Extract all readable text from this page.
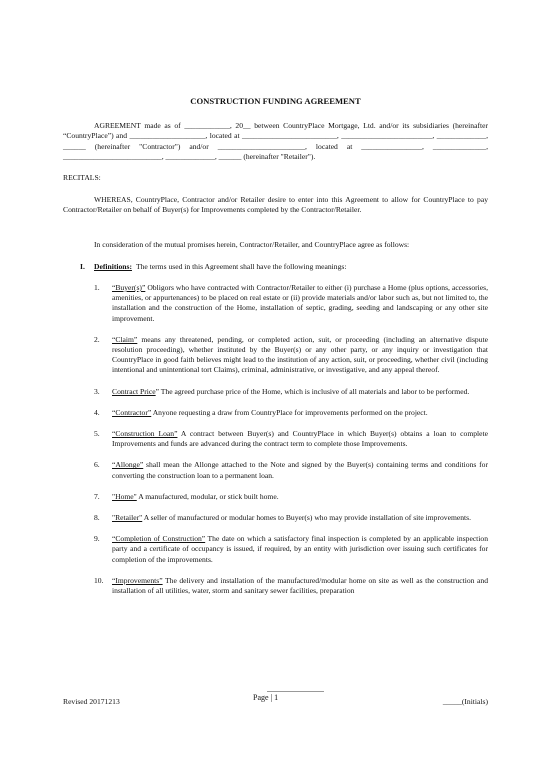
CONSTRUCTION FUNDING AGREEMENT

AGREEMENT made as of ____________, 20__ between CountryPlace Mortgage, Ltd. and/or its subsidiaries (hereinafter “CountryPlace”) and ____________________, located at _________________________, ________________________, _____________, ______ (hereinafter "Contractor") and/or _______________________, located at ________________, ______________, __________________________, _____________, ______ (hereinafter "Retailer").

RECITALS:

WHEREAS, CountryPlace, Contractor and/or Retailer desire to enter into this Agreement to allow for CountryPlace to pay Contractor/Retailer on behalf of Buyer(s) for Improvements completed by the Contractor/Retailer.

In consideration of the mutual promises herein, Contractor/Retailer, and CountryPlace agree as follows:

I.	Definitions: The terms used in this Agreement shall have the following meanings:
1.	“Buyer(s)” Obligors who have contracted with Contractor/Retailer to either (i) purchase a Home (plus options, accessories, amenities, or appurtenances) to be placed on real estate or (ii) provide materials and/or labor such as, but not limited to, the installation and the construction of the Home, installation of septic, grading, seeding and landscaping or any other site improvement.
2.	“Claim” means any threatened, pending, or completed action, suit, or proceeding (including an alternative dispute resolution proceeding), whether instituted by the Buyer(s) or any other party, or any inquiry or investigation that CountryPlace in good faith believes might lead to the institution of any action, suit, or proceeding, whether civil (including intentional and unintentional tort Claims), criminal, administrative, or investigative, and any appeal thereof.
3.	Contract Price” The agreed purchase price of the Home, which is inclusive of all materials and labor to be performed.
4.	“Contractor” Anyone requesting a draw from CountryPlace for improvements performed on the project.
5.	“Construction Loan” A contract between Buyer(s) and CountryPlace in which Buyer(s) obtains a loan to complete Improvements and funds are advanced during the contract term to complete those Improvements.
6.	“Allonge” shall mean the Allonge attached to the Note and signed by the Buyer(s) containing terms and conditions for converting the construction loan to a permanent loan.
7.	"Home" A manufactured, modular, or stick built home.
8.	"Retailer" A seller of manufactured or modular homes to Buyer(s) who may provide installation of site improvements.
9.	“Completion of Construction” The date on which a satisfactory final inspection is completed by an applicable inspection party and a certificate of occupancy is issued, if required, by an entity with jurisdiction over issuing such certificates for completion of the improvements.
10.	“Improvements” The delivery and installation of the manufactured/modular home on site as well as the construction and installation of all utilities, water, storm and sanitary sewer facilities, preparation
Revised 20171213	Page | 1	_____(Initials)
